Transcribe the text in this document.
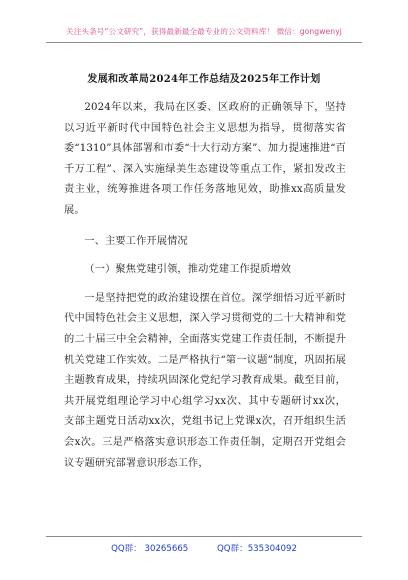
关注头条号“公文研究”，获得最新最全最专业的公文资料库！ 微信：gongwenyj
发展和改革局2024年工作总结及2025年工作计划

2024年以来，我局在区委、区政府的正确领导下，坚持以习近平新时代中国特色社会主义思想为指导，贯彻落实省委“1310”具体部署和市委“十大行动方案”、加力提速推进“百千万工程”、深入实施绿美生态建设等重点工作，紧扣发改主责主业，统筹推进各项工作任务落地见效，助推xx高质量发展。

一、主要工作开展情况

（一）聚焦党建引领，推动党建工作提质增效

一是坚持把党的政治建设摆在首位。深学细悟习近平新时代中国特色社会主义思想，深入学习贯彻党的二十大精神和党的二十届三中全会精神，全面落实党建工作责任制，不断提升机关党建工作实效。二是严格执行“第一议题”制度，巩固拓展主题教育成果，持续巩固深化党纪学习教育成果。截至目前，共开展党组理论学习中心组学习xx次、其中专题研讨xx次，支部主题党日活动xx次，党组书记上党课x次，召开组织生活会x次。三是严格落实意识形态工作责任制，定期召开党组会议专题研究部署意识形态工作，

QQ群： 30265665	QQ群：535304092
